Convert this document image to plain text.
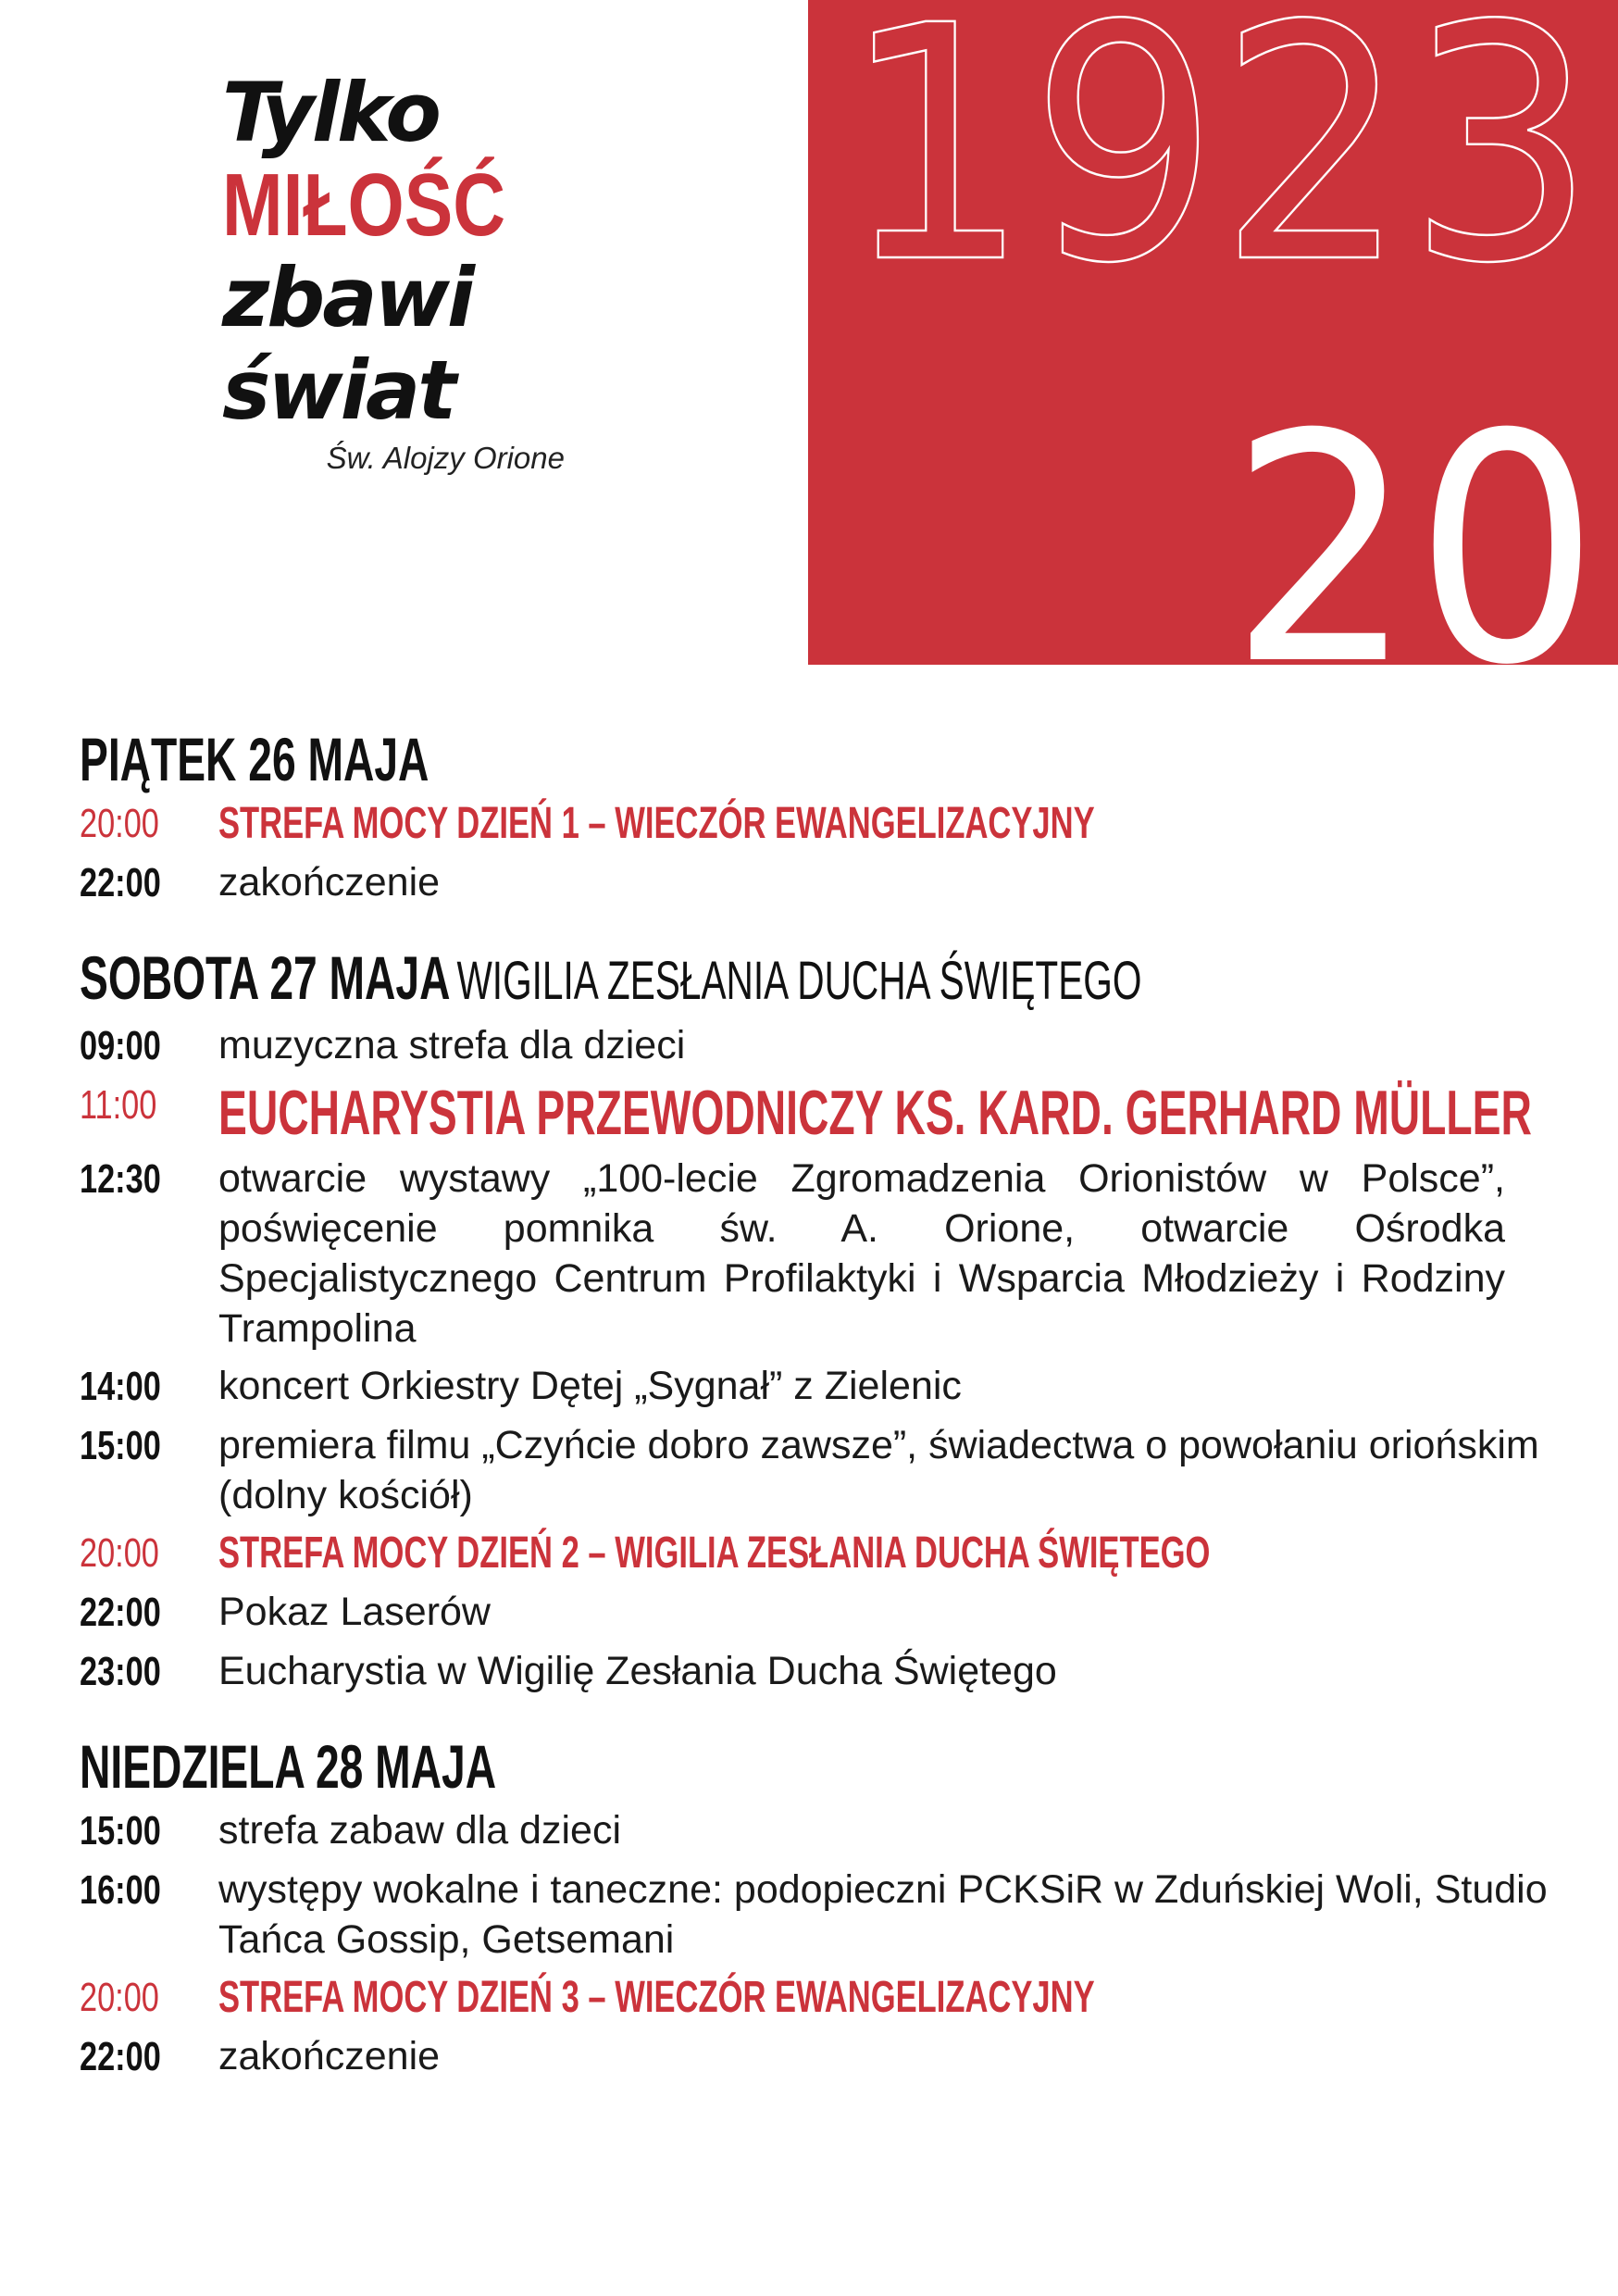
Tylko
MIŁOŚĆ
zbawi
świat
Św. Alojzy Orione
1923
20
PIĄTEK 26 MAJA
20:00	STREFA MOCY DZIEŃ 1 – WIECZÓR EWANGELIZACYJNY
22:00	zakończenie
SOBOTA 27 MAJA WIGILIA ZESŁANIA DUCHA ŚWIĘTEGO
09:00	muzyczna strefa dla dzieci
11:00 EUCHARYSTIA PRZEWODNICZY KS. KARD. GERHARD MÜLLER
12:30	otwarcie wystawy „100-lecie Zgromadzenia Orionistów w Polsce”, poświęcenie pomnika św. A. Orione, otwarcie Ośrodka Specjalistycznego Centrum Profilaktyki i Wsparcia Młodzieży i Rodziny Trampolina
14:00	koncert Orkiestry Dętej „Sygnał” z Zielenic
15:00	premiera filmu „Czyńcie dobro zawsze”, świadectwa o powołaniu oriońskim (dolny kościół)
20:00	STREFA MOCY DZIEŃ 2 – WIGILIA ZESŁANIA DUCHA ŚWIĘTEGO
22:00	Pokaz Laserów
23:00	Eucharystia w Wigilię Zesłania Ducha Świętego
NIEDZIELA 28 MAJA
15:00	strefa zabaw dla dzieci
16:00	występy wokalne i taneczne: podopieczni PCKSiR w Zduńskiej Woli, Studio Tańca Gossip, Getsemani
20:00	STREFA MOCY DZIEŃ 3 – WIECZÓR EWANGELIZACYJNY
22:00	zakończenie
